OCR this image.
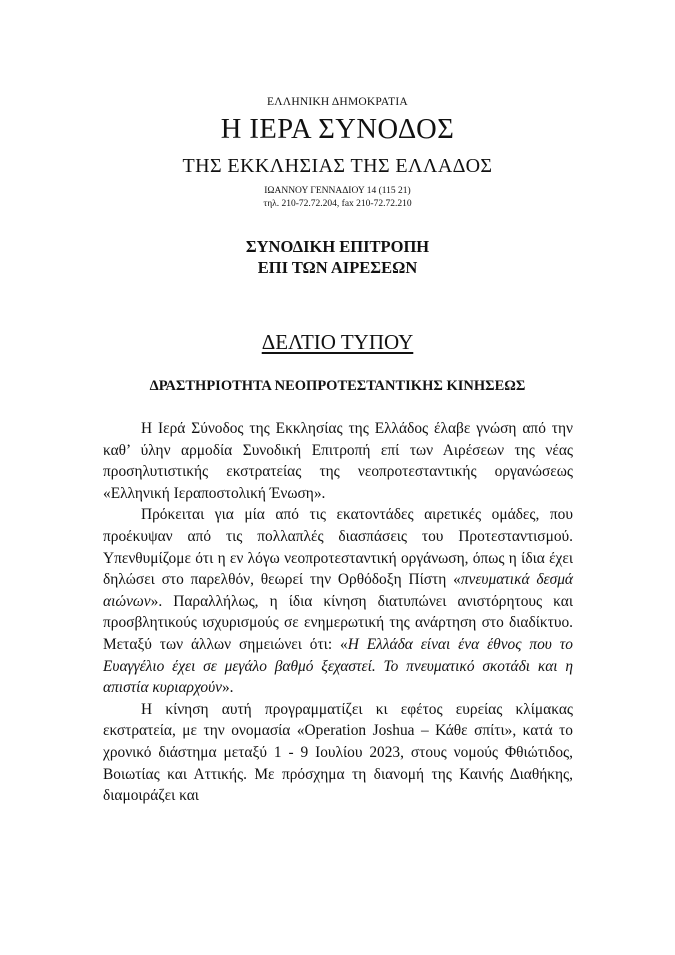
ΕΛΛΗΝΙΚΗ ΔΗΜΟΚΡΑΤΙΑ
Η ΙΕΡΑ ΣΥΝΟΔΟΣ
ΤΗΣ ΕΚΚΛΗΣΙΑΣ ΤΗΣ ΕΛΛΑΔΟΣ
ΙΩΑΝΝΟΥ ΓΕΝΝΑΔΙΟΥ 14 (115 21)
τηλ. 210-72.72.204, fax 210-72.72.210
ΣΥΝΟΔΙΚΗ ΕΠΙΤΡΟΠΗ
ΕΠΙ ΤΩΝ ΑΙΡΕΣΕΩΝ
ΔΕΛΤΙΟ ΤΥΠΟΥ
ΔΡΑΣΤΗΡΙΟΤΗΤΑ ΝΕΟΠΡΟΤΕΣΤΑΝΤΙΚΗΣ ΚΙΝΗΣΕΩΣ

Η Ιερά Σύνοδος της Εκκλησίας της Ελλάδος έλαβε γνώση από την καθ’ ύλην αρμοδία Συνοδική Επιτροπή επί των Αιρέσεων της νέας προσηλυτιστικής εκστρατείας της νεοπροτεσταντικής οργανώσεως «Ελληνική Ιεραποστολική Ένωση».

Πρόκειται για μία από τις εκατοντάδες αιρετικές ομάδες, που προέκυψαν από τις πολλαπλές διασπάσεις του Προτεσταντισμού. Υπενθυμίζομε ότι η εν λόγω νεοπροτεσταντική οργάνωση, όπως η ίδια έχει δηλώσει στο παρελθόν, θεωρεί την Ορθόδοξη Πίστη «πνευματικά δεσμά αιώνων». Παραλλήλως, η ίδια κίνηση διατυπώνει ανιστόρητους και προσβλητικούς ισχυρισμούς σε ενημερωτική της ανάρτηση στο διαδίκτυο. Μεταξύ των άλλων σημειώνει ότι: «Η Ελλάδα είναι ένα έθνος που το Ευαγγέλιο έχει σε μεγάλο βαθμό ξεχαστεί. Το πνευματικό σκοτάδι και η απιστία κυριαρχούν».

Η κίνηση αυτή προγραμματίζει κι εφέτος ευρείας κλίμακας εκστρατεία, με την ονομασία «Operation Joshua – Κάθε σπίτι», κατά το χρονικό διάστημα μεταξύ 1 - 9 Ιουλίου 2023, στους νομούς Φθιώτιδος, Βοιωτίας και Αττικής. Με πρόσχημα τη διανομή της Καινής Διαθήκης, διαμοιράζει και
